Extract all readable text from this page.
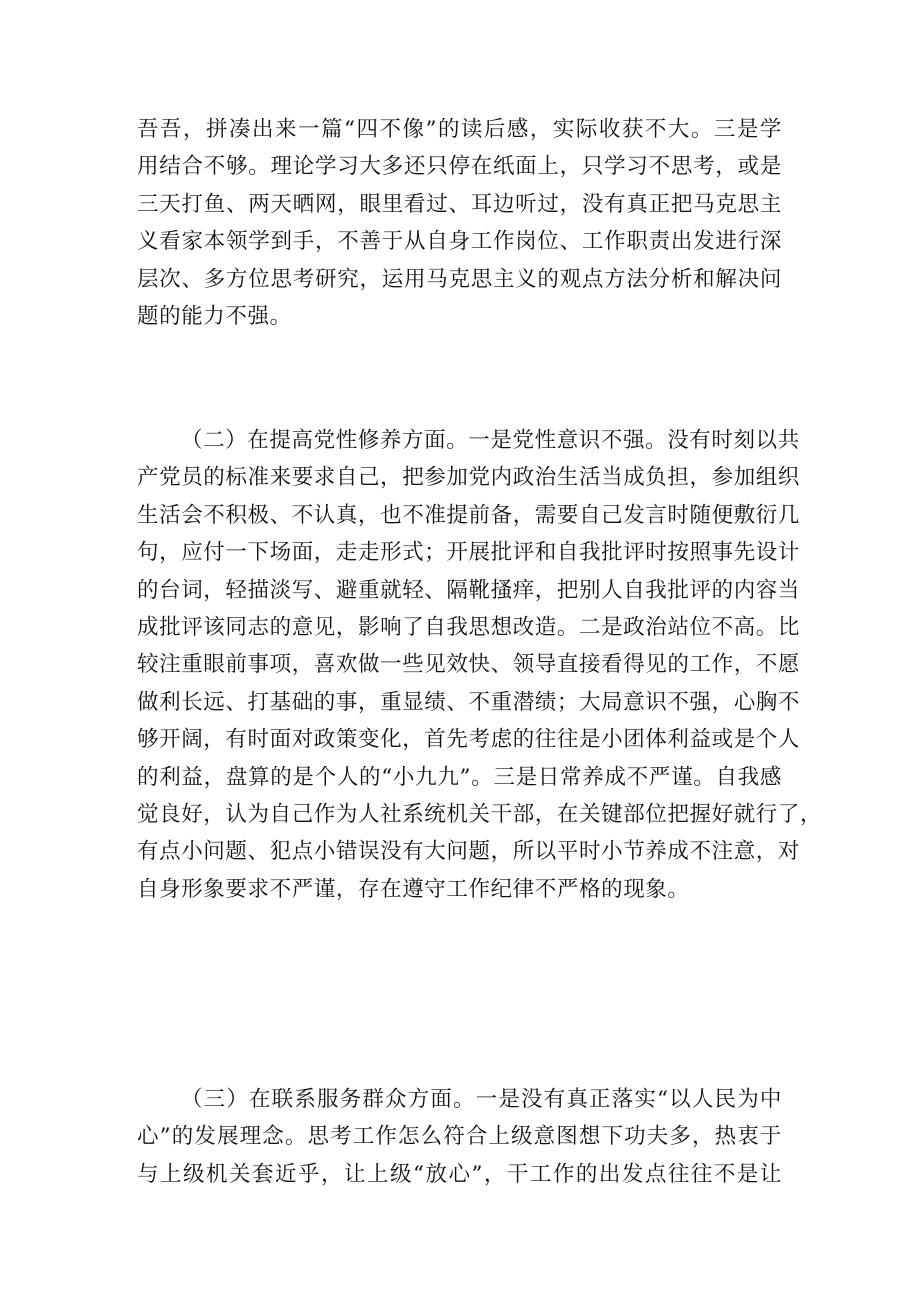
吾吾，拼凑出来一篇“四不像”的读后感，实际收获不大。三是学
用结合不够。理论学习大多还只停在纸面上，只学习不思考，或是
三天打鱼、两天晒网，眼里看过、耳边听过，没有真正把马克思主
义看家本领学到手，不善于从自身工作岗位、工作职责出发进行深
层次、多方位思考研究，运用马克思主义的观点方法分析和解决问
题的能力不强。
（二）在提高党性修养方面。一是党性意识不强。没有时刻以共
产党员的标准来要求自己，把参加党内政治生活当成负担，参加组织
生活会不积极、不认真，也不准提前备，需要自己发言时随便敷衍几
句，应付一下场面，走走形式；开展批评和自我批评时按照事先设计
的台词，轻描淡写、避重就轻、隔靴搔痒，把别人自我批评的内容当
成批评该同志的意见，影响了自我思想改造。二是政治站位不高。比
较注重眼前事项，喜欢做一些见效快、领导直接看得见的工作，不愿
做利长远、打基础的事，重显绩、不重潜绩；大局意识不强，心胸不
够开阔，有时面对政策变化，首先考虑的往往是小团体利益或是个人
的利益，盘算的是个人的“小九九”。三是日常养成不严谨。自我感
觉良好，认为自己作为人社系统机关干部，在关键部位把握好就行了，
有点小问题、犯点小错误没有大问题，所以平时小节养成不注意，对
自身形象要求不严谨，存在遵守工作纪律不严格的现象。
（三）在联系服务群众方面。一是没有真正落实“以人民为中
心”的发展理念。思考工作怎么符合上级意图想下功夫多，热衷于
与上级机关套近乎，让上级“放心”，干工作的出发点往往不是让
